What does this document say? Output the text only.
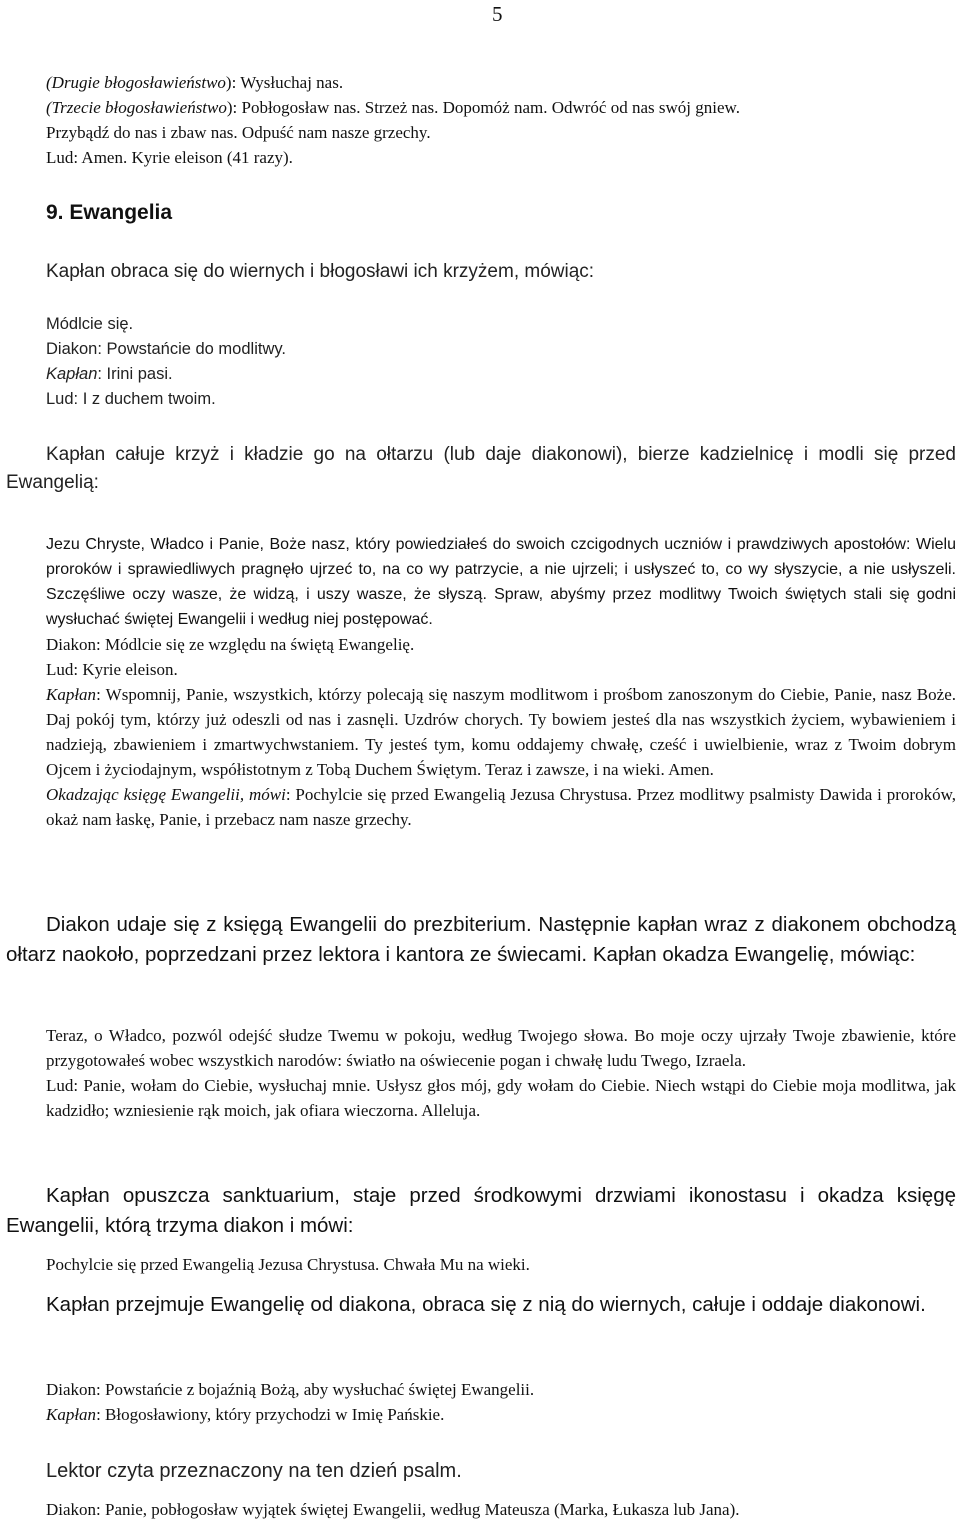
5

(Drugie błogosławieństwo): Wysłuchaj nas.

(Trzecie błogosławieństwo): Pobłogosław nas. Strzeż nas. Dopomóż nam. Odwróć od nas swój gniew.

Przybądź do nas i zbaw nas. Odpuść nam nasze grzechy.

Lud: Amen. Kyrie eleison (41 razy).

9. Ewangelia
Kapłan obraca się do wiernych i błogosławi ich krzyżem, mówiąc:

Módlcie się.

Diakon: Powstańcie do modlitwy.

Kapłan: Irini pasi.

Lud: I z duchem twoim.

Kapłan całuje krzyż i kładzie go na ołtarzu (lub daje diakonowi), bierze kadzielnicę i modli się przed Ewangelią:

Jezu Chryste, Władco i Panie, Boże nasz, który powiedziałeś do swoich czcigodnych uczniów i prawdziwych apostołów: Wielu proroków i sprawiedliwych pragnęło ujrzeć to, na co wy patrzycie, a nie ujrzeli; i usłyszeć to, co wy słyszycie, a nie usłyszeli. Szczęśliwe oczy wasze, że widzą, i uszy wasze, że słyszą. Spraw, abyśmy przez modlitwy Twoich świętych stali się godni wysłuchać świętej Ewangelii i według niej postępować.

Diakon: Módlcie się ze względu na świętą Ewangelię.

Lud: Kyrie eleison.

Kapłan: Wspomnij, Panie, wszystkich, którzy polecają się naszym modlitwom i prośbom zanoszonym do Ciebie, Panie, nasz Boże. Daj pokój tym, którzy już odeszli od nas i zasnęli. Uzdrów chorych. Ty bowiem jesteś dla nas wszystkich życiem, wybawieniem i nadzieją, zbawieniem i zmartwychwstaniem. Ty jesteś tym, komu oddajemy chwałę, cześć i uwielbienie, wraz z Twoim dobrym Ojcem i życiodajnym, współistotnym z Tobą Duchem Świętym. Teraz i zawsze, i na wieki. Amen.

Okadzając księgę Ewangelii, mówi: Pochylcie się przed Ewangelią Jezusa Chrystusa. Przez modlitwy psalmisty Dawida i proroków, okaż nam łaskę, Panie, i przebacz nam nasze grzechy.

Diakon udaje się z księgą Ewangelii do prezbiterium. Następnie kapłan wraz z diakonem obchodzą ołtarz naokoło, poprzedzani przez lektora i kantora ze świecami. Kapłan okadza Ewangelię, mówiąc:

Teraz, o Władco, pozwól odejść słudze Twemu w pokoju, według Twojego słowa. Bo moje oczy ujrzały Twoje zbawienie, które przygotowałeś wobec wszystkich narodów: światło na oświecenie pogan i chwałę ludu Twego, Izraela.

Lud: Panie, wołam do Ciebie, wysłuchaj mnie. Usłysz głos mój, gdy wołam do Ciebie. Niech wstąpi do Ciebie moja modlitwa, jak kadzidło; wzniesienie rąk moich, jak ofiara wieczorna. Alleluja.

Kapłan opuszcza sanktuarium, staje przed środkowymi drzwiami ikonostasu i okadza księgę Ewangelii, którą trzyma diakon i mówi:
Pochylcie się przed Ewangelią Jezusa Chrystusa. Chwała Mu na wieki.
Kapłan przejmuje Ewangelię od diakona, obraca się z nią do wiernych, całuje i oddaje diakonowi.

Diakon: Powstańcie z bojaźnią Bożą, aby wysłuchać świętej Ewangelii.

Kapłan: Błogosławiony, który przychodzi w Imię Pańskie.

Lektor czyta przeznaczony na ten dzień psalm.
Diakon: Panie, pobłogosław wyjątek świętej Ewangelii, według Mateusza (Marka, Łukasza lub Jana).
